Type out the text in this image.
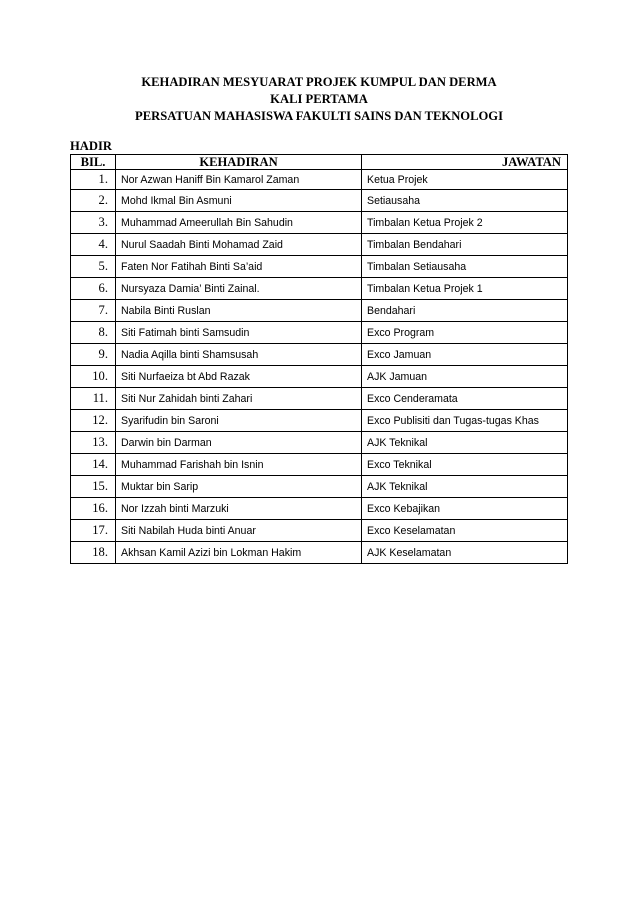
KEHADIRAN MESYUARAT PROJEK KUMPUL DAN DERMA
KALI PERTAMA
PERSATUAN MAHASISWA FAKULTI SAINS DAN TEKNOLOGI
HADIR
BIL.	KEHADIRAN	JAWATAN
1.	Nor Azwan Haniff Bin Kamarol Zaman	Ketua Projek
2.	Mohd Ikmal Bin Asmuni	Setiausaha
3.	Muhammad Ameerullah Bin Sahudin	Timbalan Ketua Projek 2
4.	Nurul Saadah Binti Mohamad Zaid	Timbalan Bendahari
5.	Faten Nor Fatihah Binti Sa’aid	Timbalan Setiausaha
6.	Nursyaza Damia’ Binti Zainal.	Timbalan Ketua Projek 1
7.	Nabila Binti Ruslan	Bendahari
8.	Siti Fatimah binti Samsudin	Exco Program
9.	Nadia Aqilla binti Shamsusah	Exco Jamuan
10.	Siti Nurfaeiza bt Abd Razak	AJK Jamuan
11.	Siti Nur Zahidah binti Zahari	Exco Cenderamata
12.	Syarifudin bin Saroni	Exco Publisiti dan Tugas-tugas Khas
13.	Darwin bin Darman	AJK Teknikal
14.	Muhammad Farishah bin Isnin	Exco Teknikal
15.	Muktar bin Sarip	AJK Teknikal
16.	Nor Izzah binti Marzuki	Exco Kebajikan
17.	Siti Nabilah Huda binti Anuar	Exco Keselamatan
18.	Akhsan Kamil Azizi bin Lokman Hakim	AJK Keselamatan
